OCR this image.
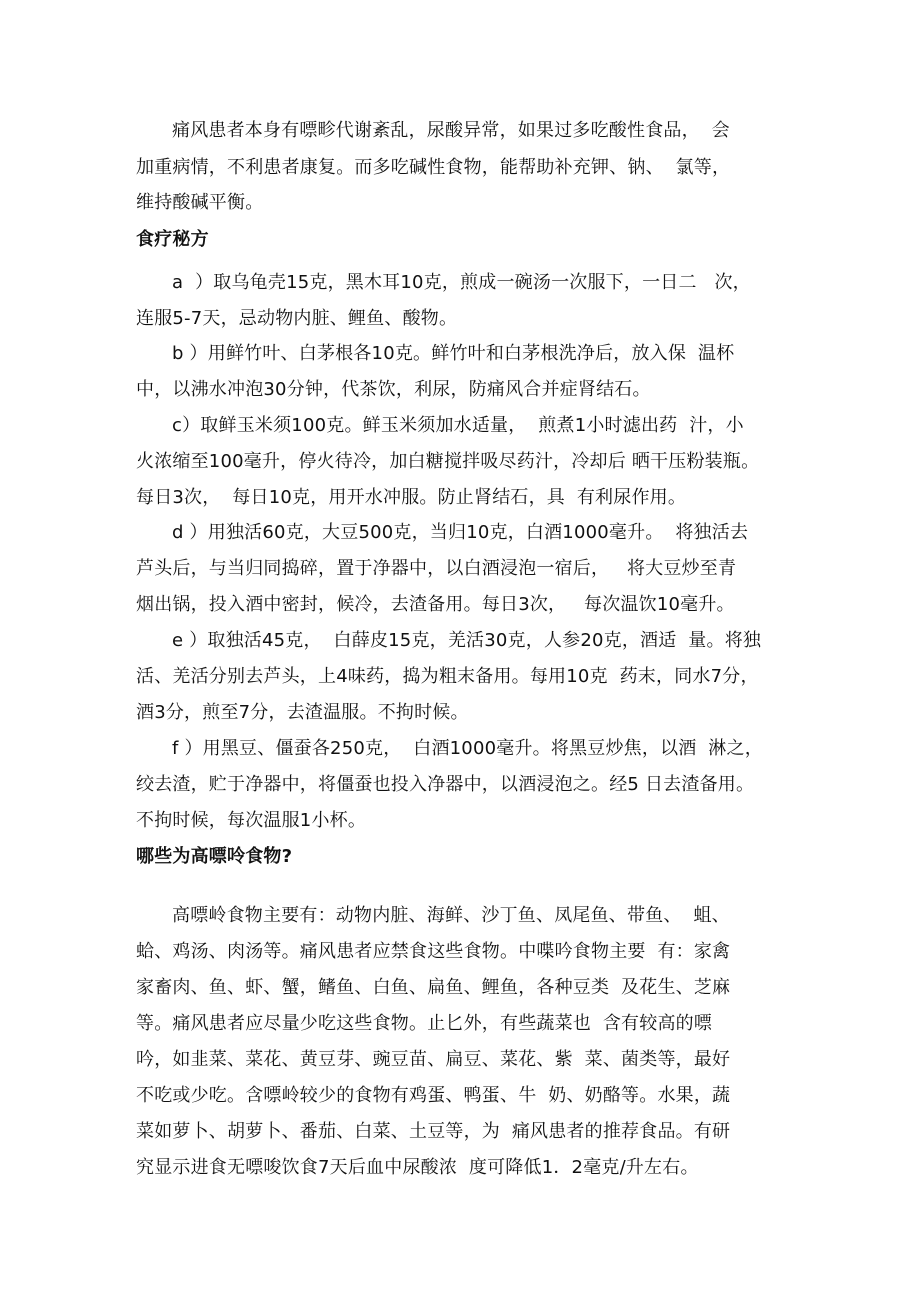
痛风患者本身有嘌畛代谢紊乱，尿酸异常，如果过多吃酸性食品，  会
加重病情，不利患者康复。而多吃碱性食物，能帮助补充钾、钠、  氯等，
维持酸碱平衡。
食疗秘方
a  ）取乌龟壳15克，黑木耳10克，煎成一碗汤一次服下，一日二   次，
连服5-7天，忌动物内脏、鲤鱼、酸物。
b ）用鲜竹叶、白茅根各10克。鲜竹叶和白茅根洗净后，放入保  温杯
中，以沸水冲泡30分钟，代茶饮，利尿，防痛风合并症肾结石。
c）取鲜玉米须100克。鲜玉米须加水适量，  煎煮1小时滤出药  汁，小
火浓缩至100毫升，停火待冷，加白糖搅拌吸尽药汁，冷却后 晒干压粉装瓶。
每日3次，  每日10克，用开水冲服。防止肾结石，具  有利尿作用。
d ）用独活60克，大豆500克，当归10克，白酒1000毫升。  将独活去
芦头后，与当归同捣碎，置于净器中，以白酒浸泡一宿后，   将大豆炒至青
烟出锅，投入酒中密封，候冷，去渣备用。每日3次，   每次温饮10毫升。
e ）取独活45克，  白薛皮15克，羌活30克，人参20克，酒适  量。将独
活、羌活分别去芦头，上4味药，捣为粗末备用。每用10克  药末，同水7分，
酒3分，煎至7分，去渣温服。不拘时候。
f ）用黑豆、僵蚕各250克，  白酒1000毫升。将黑豆炒焦，以酒  淋之，
绞去渣，贮于净器中，将僵蚕也投入净器中，以酒浸泡之。经5 日去渣备用。
不拘时候，每次温服1小杯。
哪些为高嘌呤食物?
高嘌岭食物主要有：动物内脏、海鲜、沙丁鱼、凤尾鱼、带鱼、  蛆、
蛤、鸡汤、肉汤等。痛风患者应禁食这些食物。中喋吟食物主要  有：家禽
家畜肉、鱼、虾、蟹，鳍鱼、白鱼、扁鱼、鲤鱼，各种豆类  及花生、芝麻
等。痛风患者应尽量少吃这些食物。止匕外，有些蔬菜也  含有较高的嘌
吟，如韭菜、菜花、黄豆芽、豌豆苗、扁豆、菜花、紫  菜、菌类等，最好
不吃或少吃。含嘌岭较少的食物有鸡蛋、鸭蛋、牛  奶、奶酪等。水果，蔬
菜如萝卜、胡萝卜、番茄、白菜、土豆等，为  痛风患者的推荐食品。有研
究显示进食无嘌唆饮食7天后血中尿酸浓  度可降低1．2毫克/升左右。
